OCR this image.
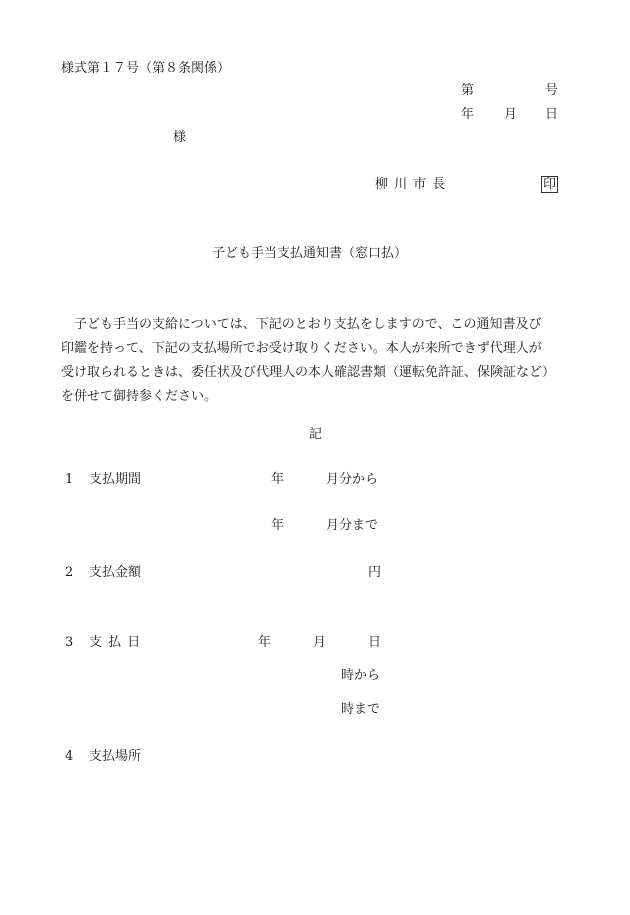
様式第１７号（第８条関係）
第	号
年 月 日
様
柳 川 市 長	印
子ども手当支払通知書（窓口払）
　子ども手当の支給については、下記のとおり支払をしますので、この通知書及び
印鑑を持って、下記の支払場所でお受け取りください。本人が来所できず代理人が
受け取られるときは、委任状及び代理人の本人確認書類（運転免許証、保険証など）
を併せて御持参ください。
記
1 支払期間	年	月分から
年	月分まで
2 支払金額	円
3 支 払 日	年	月	日
時から
時まで
4 支払場所
